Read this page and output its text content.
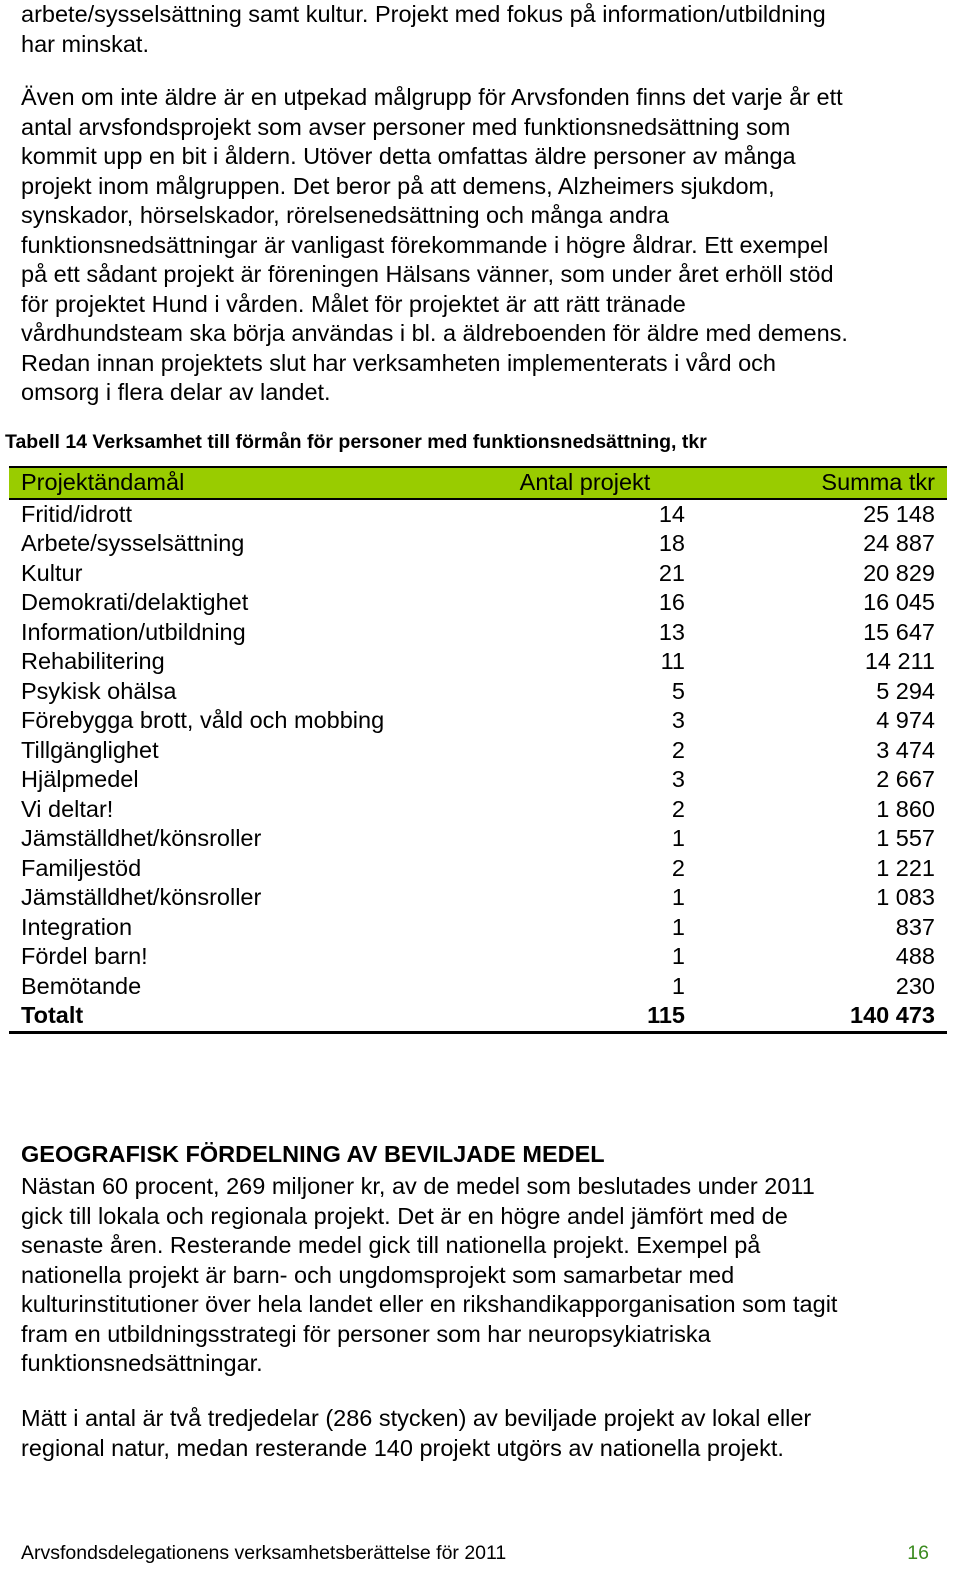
arbete/sysselsättning samt kultur. Projekt med fokus på information/utbildning
har minskat.
Även om inte äldre är en utpekad målgrupp för Arvsfonden finns det varje år ett
antal arvsfondsprojekt som avser personer med funktionsnedsättning som
kommit upp en bit i åldern. Utöver detta omfattas äldre personer av många
projekt inom målgruppen. Det beror på att demens, Alzheimers sjukdom,
synskador, hörselskador, rörelsenedsättning och många andra
funktionsnedsättningar är vanligast förekommande i högre åldrar. Ett exempel
på ett sådant projekt är föreningen Hälsans vänner, som under året erhöll stöd
för projektet Hund i vården. Målet för projektet är att rätt tränade
vårdhundsteam ska börja användas i bl. a äldreboenden för äldre med demens.
Redan innan projektets slut har verksamheten implementerats i vård och
omsorg i flera delar av landet.
Tabell 14 Verksamhet till förmån för personer med funktionsnedsättning, tkr
Projektändamål	Antal projekt	Summa tkr
Fritid/idrott	14	25 148
Arbete/sysselsättning	18	24 887
Kultur	21	20 829
Demokrati/delaktighet	16	16 045
Information/utbildning	13	15 647
Rehabilitering	11	14 211
Psykisk ohälsa	5	5 294
Förebygga brott, våld och mobbing	3	4 974
Tillgänglighet	2	3 474
Hjälpmedel	3	2 667
Vi deltar!	2	1 860
Jämställdhet/könsroller	1	1 557
Familjestöd	2	1 221
Jämställdhet/könsroller	1	1 083
Integration	1	837
Fördel barn!	1	488
Bemötande	1	230
Totalt	115	140 473
GEOGRAFISK FÖRDELNING AV BEVILJADE MEDEL
Nästan 60 procent, 269 miljoner kr, av de medel som beslutades under 2011
gick till lokala och regionala projekt. Det är en högre andel jämfört med de
senaste åren. Resterande medel gick till nationella projekt. Exempel på
nationella projekt är barn- och ungdomsprojekt som samarbetar med
kulturinstitutioner över hela landet eller en rikshandikapporganisation som tagit
fram en utbildningsstrategi för personer som har neuropsykiatriska
funktionsnedsättningar.
Mätt i antal är två tredjedelar (286 stycken) av beviljade projekt av lokal eller
regional natur, medan resterande 140 projekt utgörs av nationella projekt.
Arvsfondsdelegationens verksamhetsberättelse för 2011	16
